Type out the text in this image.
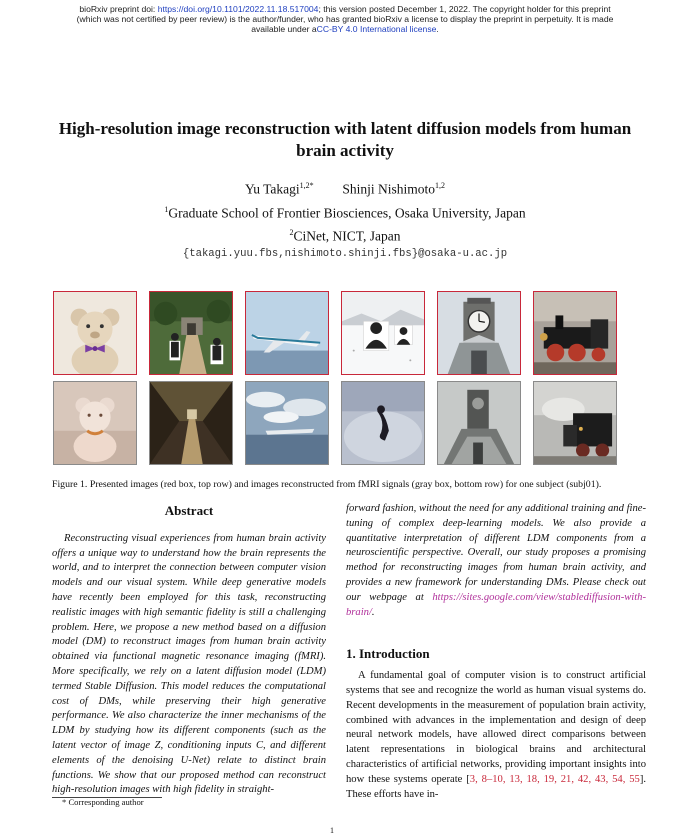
bioRxiv preprint doi: https://doi.org/10.1101/2022.11.18.517004; this version posted December 1, 2022. The copyright holder for this preprint
(which was not certified by peer review) is the author/funder, who has granted bioRxiv a license to display the preprint in perpetuity. It is made
available under aCC-BY 4.0 International license.
High-resolution image reconstruction with latent diffusion models from human brain activity
Yu Takagi$^{1,2*}$ Shinji Nishimoto$^{1,2}$
$^1$Graduate School of Frontier Biosciences, Osaka University, Japan
$^2$CiNet, NICT, Japan
{takagi.yuu.fbs,nishimoto.shinji.fbs}@osaka-u.ac.jp
Figure 1. Presented images (red box, top row) and images reconstructed from fMRI signals (gray box, bottom row) for one subject (subj01).
Abstract

Reconstructing visual experiences from human brain activity offers a unique way to understand how the brain represents the world, and to interpret the connection between computer vision models and our visual system. While deep generative models have recently been employed for this task, reconstructing realistic images with high semantic fidelity is still a challenging problem. Here, we propose a new method based on a diffusion model (DM) to reconstruct images from human brain activity obtained via functional magnetic resonance imaging (fMRI). More specifically, we rely on a latent diffusion model (LDM) termed Stable Diffusion. This model reduces the computational cost of DMs, while preserving their high generative performance. We also characterize the inner mechanisms of the LDM by studying how its different components (such as the latent vector of image Z, conditioning inputs C, and different elements of the denoising U-Net) relate to distinct brain functions. We show that our proposed method can reconstruct high-resolution images with high fidelity in straight-

forward fashion, without the need for any additional training and fine-tuning of complex deep-learning models. We also provide a quantitative interpretation of different LDM components from a neuroscientific perspective. Overall, our study proposes a promising method for reconstructing images from human brain activity, and provides a new framework for understanding DMs. Please check out our webpage at https://sites.google.com/view/stablediffusion-with-brain/.

1. Introduction

A fundamental goal of computer vision is to construct artificial systems that see and recognize the world as human visual systems do. Recent developments in the measurement of population brain activity, combined with advances in the implementation and design of deep neural network models, have allowed direct comparisons between latent representations in biological brains and architectural characteristics of artificial networks, providing important insights into how these systems operate [3, 8–10, 13, 18, 19, 21, 42, 43, 54, 55]. These efforts have in-

* Corresponding author
1
